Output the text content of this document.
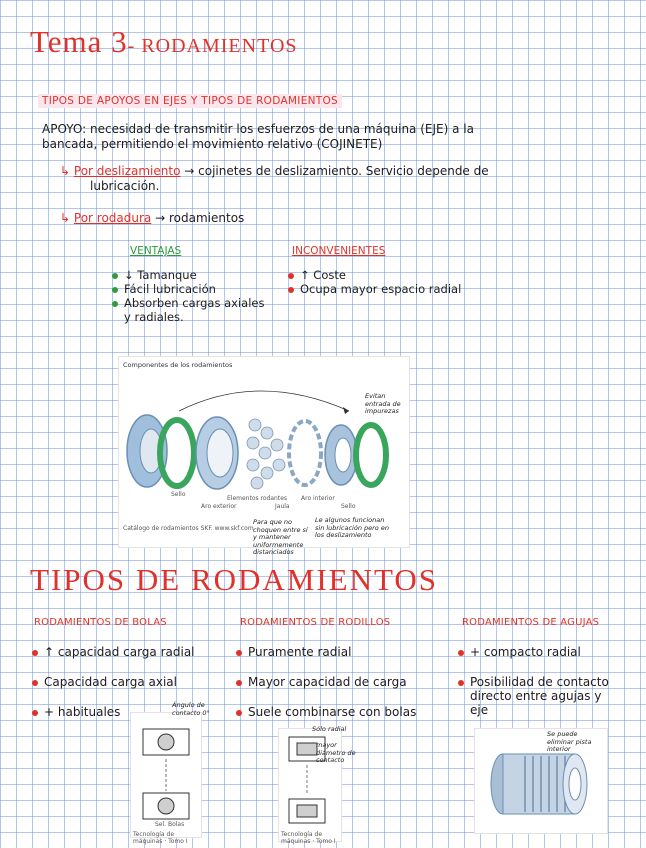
Tema 3- RODAMIENTOS
TIPOS DE APOYOS EN EJES Y TIPOS DE RODAMIENTOS
APOYO: necesidad de transmitir los esfuerzos de una máquina (EJE) a la
bancada, permitiendo el movimiento relativo (COJINETE)
↳ Por deslizamiento → cojinetes de deslizamiento. Servicio depende de
lubricación.
↳ Por rodadura → rodamientos
VENTAJAS
↓ Tamanque
Fácil lubricación
Absorben cargas axiales
y radiales.
INCONVENIENTES
↑ Coste
Ocupa mayor espacio radial
Componentes de los rodamientos
Sello
Aro exterior
Elementos rodantes
Jaula
Aro interior
Sello
Evitan entrada de impurezas
Catálogo de rodamientos SKF. www.skf.com
Para que no choquen entre sí y mantener uniformemente distanciados
Le algunos funcionan sin lubricación pero en los deslizamiento
TIPOS DE RODAMIENTOS
RODAMIENTOS DE BOLAS
↑ capacidad carga radial
Capacidad carga axial
+ habituales
Sel. Bolas
Tecnología de máquinas · Tomo I
Ángulo de contacto 0°
RODAMIENTOS DE RODILLOS
Puramente radial
Mayor capacidad de carga
Suele combinarse con bolas
Tecnología de máquinas · Tomo I
Sólo radial
mayor diámetro de contacto
RODAMIENTOS DE AGUJAS
+ compacto radial
Posibilidad de contacto
directo entre agujas y
eje
Se puede eliminar pista interior
